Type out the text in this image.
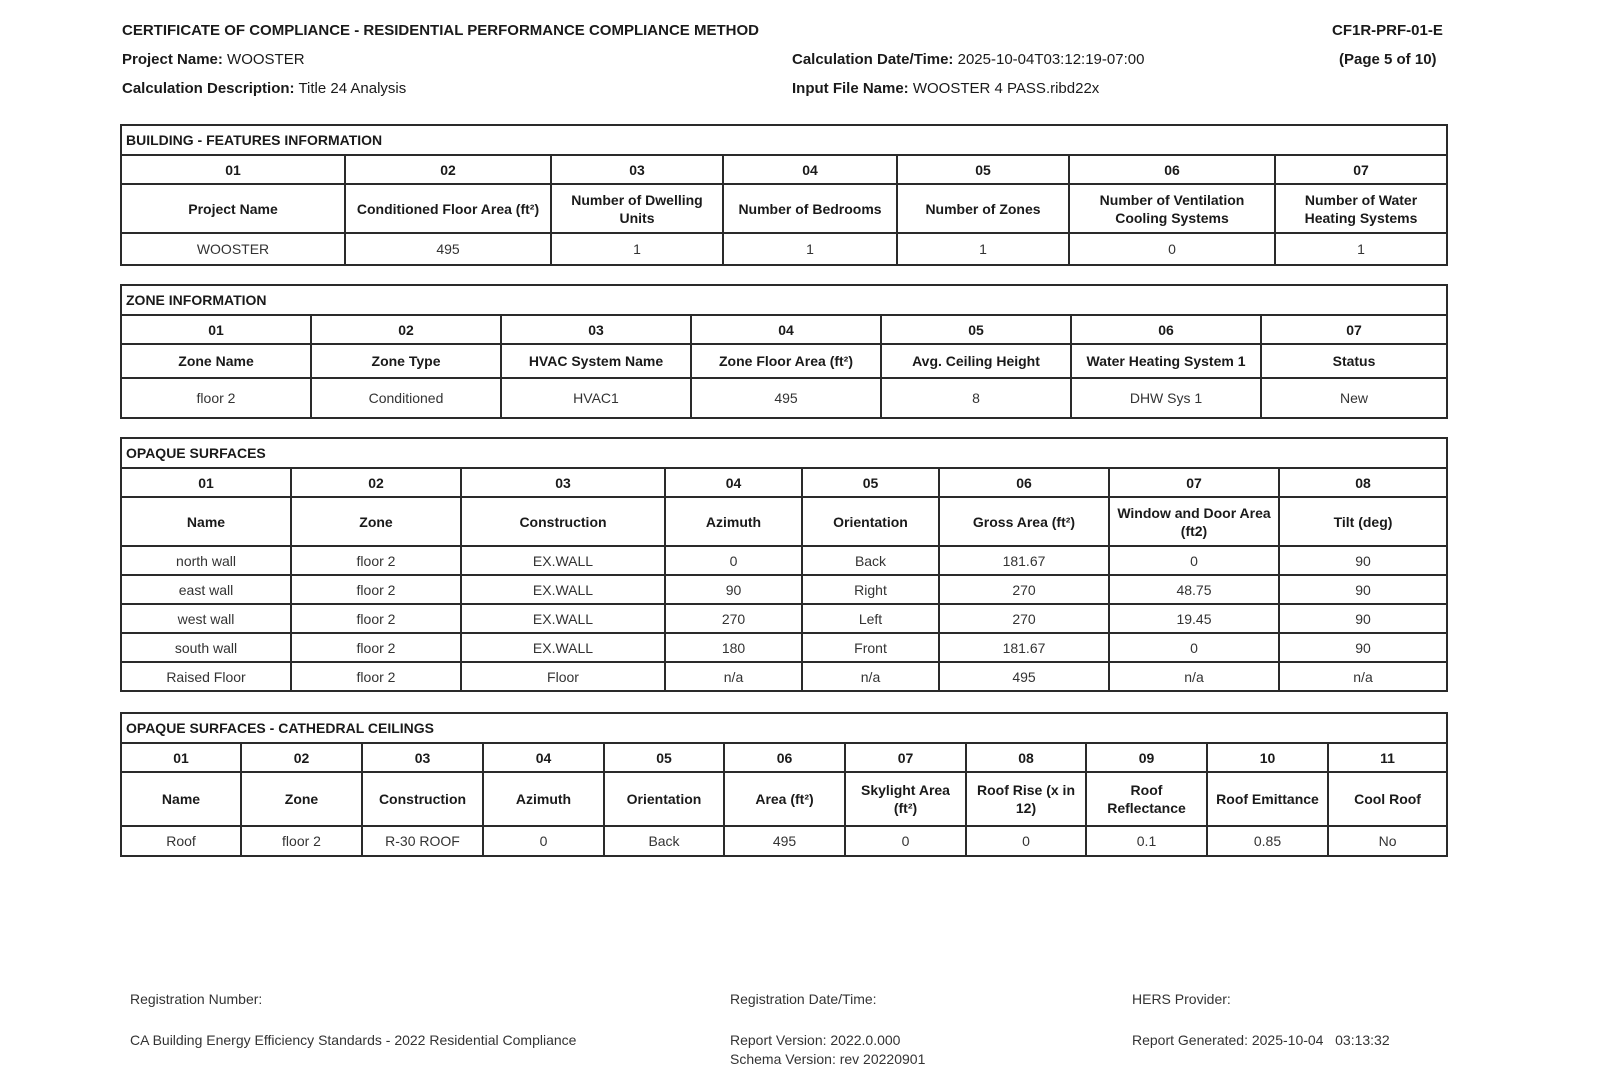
CERTIFICATE OF COMPLIANCE - RESIDENTIAL PERFORMANCE COMPLIANCE METHOD	CF1R-PRF-01-E
(Page 5 of 10)
Project Name: WOOSTER
Calculation Description: Title 24 Analysis
Calculation Date/Time: 2025-10-04T03:12:19-07:00
Input File Name: WOOSTER 4 PASS.ribd22x
BUILDING - FEATURES INFORMATION						
01	02	03	04	05	06	07
Project Name	Conditioned Floor Area (ft²)	Number of Dwelling Units	Number of Bedrooms	Number of Zones	Number of Ventilation Cooling Systems	Number of Water Heating Systems
WOOSTER	495	1	1	1	0	1
ZONE INFORMATION						
01	02	03	04	05	06	07
Zone Name	Zone Type	HVAC System Name	Zone Floor Area (ft²)	Avg. Ceiling Height	Water Heating System 1	Status
floor 2	Conditioned	HVAC1	495	8	DHW Sys 1	New
OPAQUE SURFACES							
01	02	03	04	05	06	07	08
Name	Zone	Construction	Azimuth	Orientation	Gross Area (ft²)	Window and Door Area (ft2)	Tilt (deg)
north wall	floor 2	EX.WALL	0	Back	181.67	0	90
east wall	floor 2	EX.WALL	90	Right	270	48.75	90
west wall	floor 2	EX.WALL	270	Left	270	19.45	90
south wall	floor 2	EX.WALL	180	Front	181.67	0	90
Raised Floor	floor 2	Floor	n/a	n/a	495	n/a	n/a
OPAQUE SURFACES - CATHEDRAL CEILINGS										
01	02	03	04	05	06	07	08	09	10	11
Name	Zone	Construction	Azimuth	Orientation	Area (ft²)	Skylight Area (ft²)	Roof Rise (x in 12)	Roof Reflectance	Roof Emittance	Cool Roof
Roof	floor 2	R-30 ROOF	0	Back	495	0	0	0.1	0.85	No
Registration Number:	Registration Date/Time:	HERS Provider:
CA Building Energy Efficiency Standards - 2022 Residential Compliance	Report Version: 2022.0.000
Schema Version: rev 20220901
Report Generated: 2025-10-04   03:13:32
